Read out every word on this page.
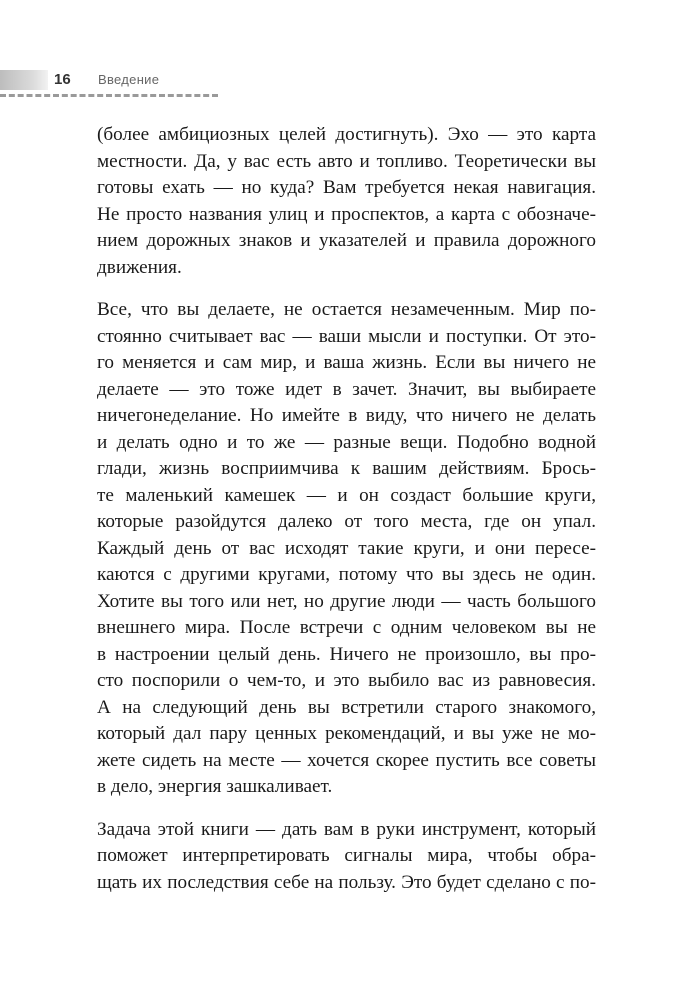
16 Введение

(более амбициозных целей достигнуть). Эхо — это карта
местности. Да, у вас есть авто и топливо. Теоретически вы
готовы ехать — но куда? Вам требуется некая навигация.
Не просто названия улиц и проспектов, а карта с обозначе-
нием дорожных знаков и указателей и правила дорожного
движения.

Все, что вы делаете, не остается незамеченным. Мир по-
стоянно считывает вас — ваши мысли и поступки. От это-
го меняется и сам мир, и ваша жизнь. Если вы ничего не
делаете — это тоже идет в зачет. Значит, вы выбираете
ничегонеделание. Но имейте в виду, что ничего не делать
и делать одно и то же — разные вещи. Подобно водной
глади, жизнь восприимчива к вашим действиям. Брось-
те маленький камешек — и он создаст большие круги,
которые разойдутся далеко от того места, где он упал.
Каждый день от вас исходят такие круги, и они пересе-
каются с другими кругами, потому что вы здесь не один.
Хотите вы того или нет, но другие люди — часть большого
внешнего мира. После встречи с одним человеком вы не
в настроении целый день. Ничего не произошло, вы про-
сто поспорили о чем-то, и это выбило вас из равновесия.
А на следующий день вы встретили старого знакомого,
который дал пару ценных рекомендаций, и вы уже не мо-
жете сидеть на месте — хочется скорее пустить все советы
в дело, энергия зашкаливает.

Задача этой книги — дать вам в руки инструмент, который
поможет интерпретировать сигналы мира, чтобы обра-
щать их последствия себе на пользу. Это будет сделано с по-
